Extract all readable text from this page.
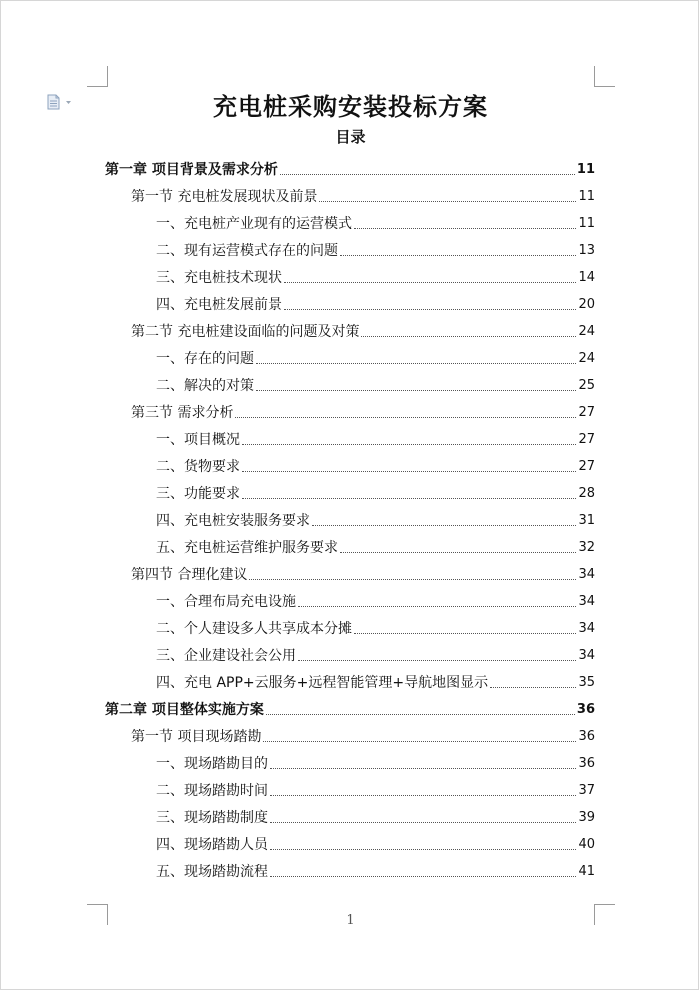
充电桩采购安装投标方案
目录
第一章 项目背景及需求分析	11
第一节 充电桩发展现状及前景	11
一、充电桩产业现有的运营模式	11
二、现有运营模式存在的问题	13
三、充电桩技术现状	14
四、充电桩发展前景	20
第二节 充电桩建设面临的问题及对策	24
一、存在的问题	24
二、解决的对策	25
第三节 需求分析	27
一、项目概况	27
二、货物要求	27
三、功能要求	28
四、充电桩安装服务要求	31
五、充电桩运营维护服务要求	32
第四节 合理化建议	34
一、合理布局充电设施	34
二、个人建设多人共享成本分摊	34
三、企业建设社会公用	34
四、充电 APP+云服务+远程智能管理+导航地图显示	35
第二章 项目整体实施方案	36
第一节 项目现场踏勘	36
一、现场踏勘目的	36
二、现场踏勘时间	37
三、现场踏勘制度	39
四、现场踏勘人员	40
五、现场踏勘流程	41
1
